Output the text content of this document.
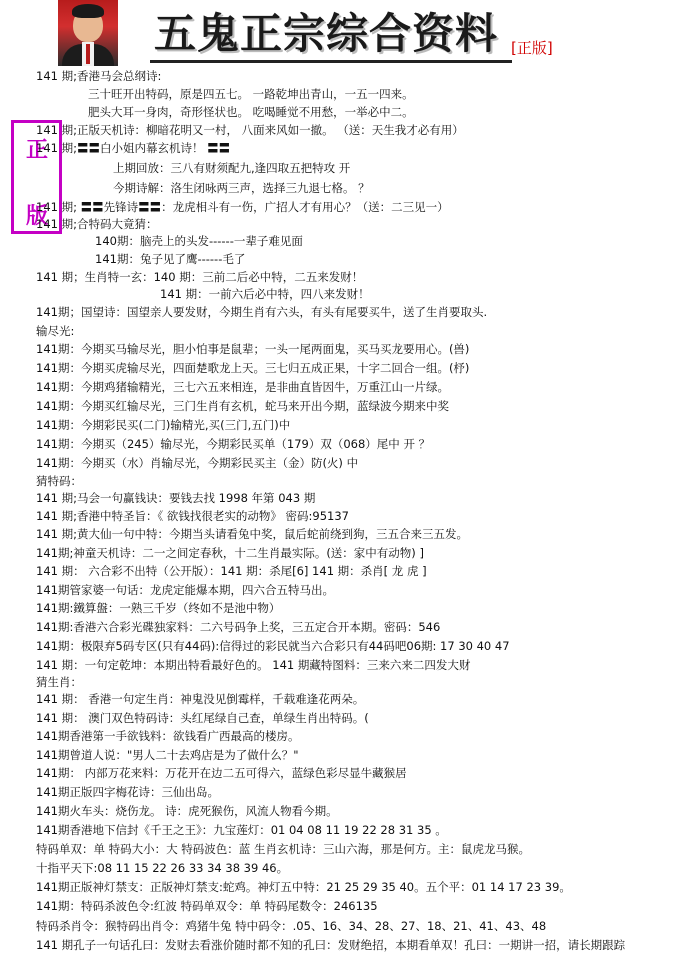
五鬼正宗综合资料 [正版]
正
版
141 期;香港马会总纲诗:
三十旺开出特码，原是四五七。 一路乾坤出青山，一五一四来。
肥头大耳一身肉，奇形怪状也。 吃喝睡觉不用愁，一举必中二。
141 期;正版天机诗：柳暗花明又一村， 八面来风如一撤。 （送：天生我才必有用）
141 期;〓〓白小姐内幕玄机诗！ 〓〓
上期回放：三八有财须配九,逢四取五把特攻 开
今期诗解：洛生闭咏两三声，选择三九退七格。 ？
141 期; 〓〓先锋诗〓〓：龙虎相斗有一伤，广招人才有用心？（送：二三见一）
141 期;合特码大竟猜：
140期：脑壳上的头发------一辈子难见面
141期：兔子见了鹰------毛了
141 期；生肖特一玄：140 期：三前二后必中特，二五来发财！
141 期：一前六后必中特，四八来发财！
141期；国望诗：国望亲人要发财，今期生肖有六头，有头有尾要买牛，送了生肖要取头.
输尽光:
141期：今期买马输尽光，胆小怕事是鼠辈；一头一尾两面鬼，买马买龙要用心。(兽)
141期：今期买虎输尽光，四面楚歌龙上天。三七归五成正果，十字二回合一组。(杼)
141期：今期鸡猪输精光，三七六五来相连，是非曲直皆因牛，万重江山一片绿。
141期：今期买红输尽光，三门生肖有玄机，蛇马来开出今期，蓝绿波今期来中奖
141期：今期彩民买(二门)输精光,买(三门,五门)中
141期：今期买（245）输尽光，今期彩民买单（179）双（068）尾中 开 ？
141期：今期买（水）肖输尽光，今期彩民买主（金）防(火) 中
猜特码：
141 期;马会一句赢钱诀：要钱去找 1998 年第 043 期
141 期;香港中特圣旨：《 欲钱找很老实的动物》 密码:95137
141 期;黄大仙一句中特：今期当头请看兔中奖，鼠后蛇前绕到狗，三五合来三五发。
141期;神童天机诗：二一之间定春秋，十二生肖最实际。(送：家中有动物) ]
141 期： 六合彩不出特（公开版）：141 期：杀尾[6] 141 期：杀肖[ 龙 虎 ]
141期管家婆一句话：龙虎定能爆本期，四六合五特马出。
141期:鐵算盤：一熟三千岁（终如不是池中物）
141期:香港六合彩光碟独家料：二六号码争上奖，三五定合开本期。密码：546
141期：极限弃5码专区(只有44码):信得过的彩民就当六合彩只有44码吧06期: 17 30 40 47
141 期：一句定乾坤：本期出特看最好色的。 141 期藏特图料：三来六来二四发大财
猜生肖：
141 期： 香港一句定生肖：神鬼没见倒霉样，千载难逢花两朵。
141 期： 澳门双色特码诗：头红尾绿自己查，单绿生肖出特码。(
141期香港第一手欲钱料：欲钱看广西最高的楼房。
141期曾道人说："男人二十去鸡店是为了做什么？"
141期： 内部万花来料：万花开在边二五可得六，蓝绿色彩尽显牛藏猴居
141期正版四字梅花诗：三仙出岛。
141期火车头：烧伤龙。 诗：虎死猴伤，风流人物看今期。
141期香港地下信封《千王之王》：九宝莲灯：01 04 08 11 19 22 28 31 35 。
特码单双：单 特码大小：大 特码波色：蓝 生肖玄机诗：三山六海，那是何方。主：鼠虎龙马猴。
十指平天下:08 11 15 22 26 33 34 38 39 46。
141期正版神灯禁支：正版神灯禁支:蛇鸡。神灯五中特：21 25 29 35 40。五个平：01 14 17 23 39。
141期：特码杀波色令:红波 特码单双令：单 特码尾数令：246135
特码杀肖令：猴特码出肖令：鸡猪牛兔 特中码令：.05、16、34、28、27、18、21、41、43、48
141 期孔子一句话孔曰：发财去看涨价随时都不知的孔曰：发财绝招，本期看单双！孔曰：一期讲一招，请长期跟踪
